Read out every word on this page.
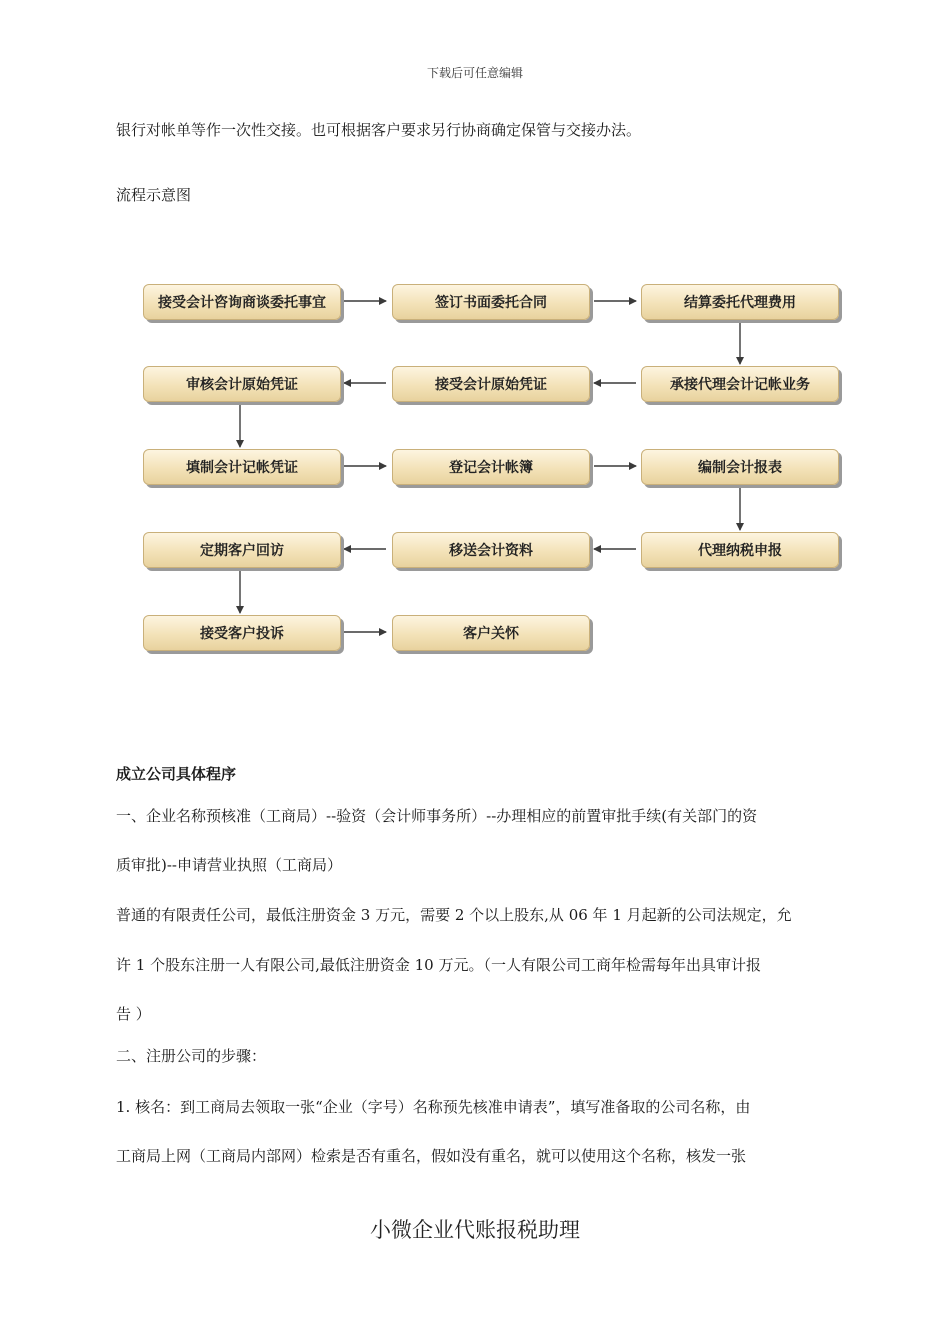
下载后可任意编辑
银行对帐单等作一次性交接。也可根据客户要求另行协商确定保管与交接办法。
流程示意图
接受会计咨询商谈委托事宜	签订书面委托合同	结算委托代理费用
审核会计原始凭证	接受会计原始凭证	承接代理会计记帐业务
填制会计记帐凭证	登记会计帐簿	编制会计报表
定期客户回访	移送会计资料	代理纳税申报
接受客户投诉	客户关怀
成立公司具体程序
一、企业名称预核准（工商局）--验资（会计师事务所）--办理相应的前置审批手续(有关部门的资
质审批)--申请营业执照（工商局）
普通的有限责任公司，最低注册资金 3 万元，需要 2 个以上股东,从 06 年 1 月起新的公司法规定，允
许 1 个股东注册一人有限公司,最低注册资金 10 万元。（一人有限公司工商年检需每年出具审计报
告 ）
二、注册公司的步骤：
1. 核名：到工商局去领取一张“企业（字号）名称预先核准申请表”，填写准备取的公司名称，由
工商局上网（工商局内部网）检索是否有重名，假如没有重名，就可以使用这个名称，核发一张
小微企业代账报税助理
